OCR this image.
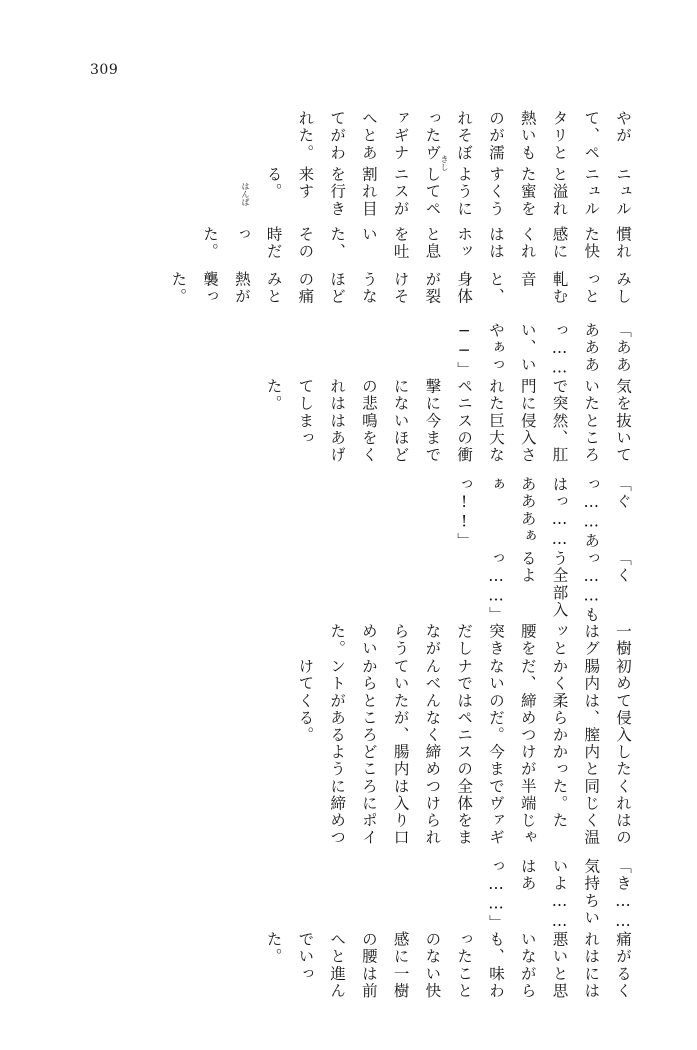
309
やがて、ペタリと熱いものが濡れそぼったヴァギナへとあてがわれた。
ニュルニュルと溢れた蜜をすくうようにしてペニスが割れ目を行き来する。
慣れた快感にくれははホッと息を吐いた、その時だった。
みしっと軋む音と、身体が裂けそうなほどの痛みと熱が襲った。
「あああああっ……い、いやぁっ──」
気を抜いていたところで突然、肛門に侵入された巨大なペニスの衝撃に今までにないほどの悲鳴をくれははあげてしまった。
「ぐっ……あはっ……あああぁぁっ!!」
「くっ……もう全部入るよっ……」
一樹はグッと腰を突きだしながらうめいた。
初めて侵入したくれはの腸内は、膣内と同じく温かく柔らかかった。ただ、締めつけが半端じゃないのだ。今までヴァギナではペニスの全体をまんべんなく締めつけられていたが、腸内は入り口からところどころにポイントがあるように締めつけてくる。
「き……気持ちいいよ……はあっ……」
痛がるくれはには悪いと思いながらも、味わったことのない快感に一樹の腰は前へと進んでいった。
きし
はんぱ
